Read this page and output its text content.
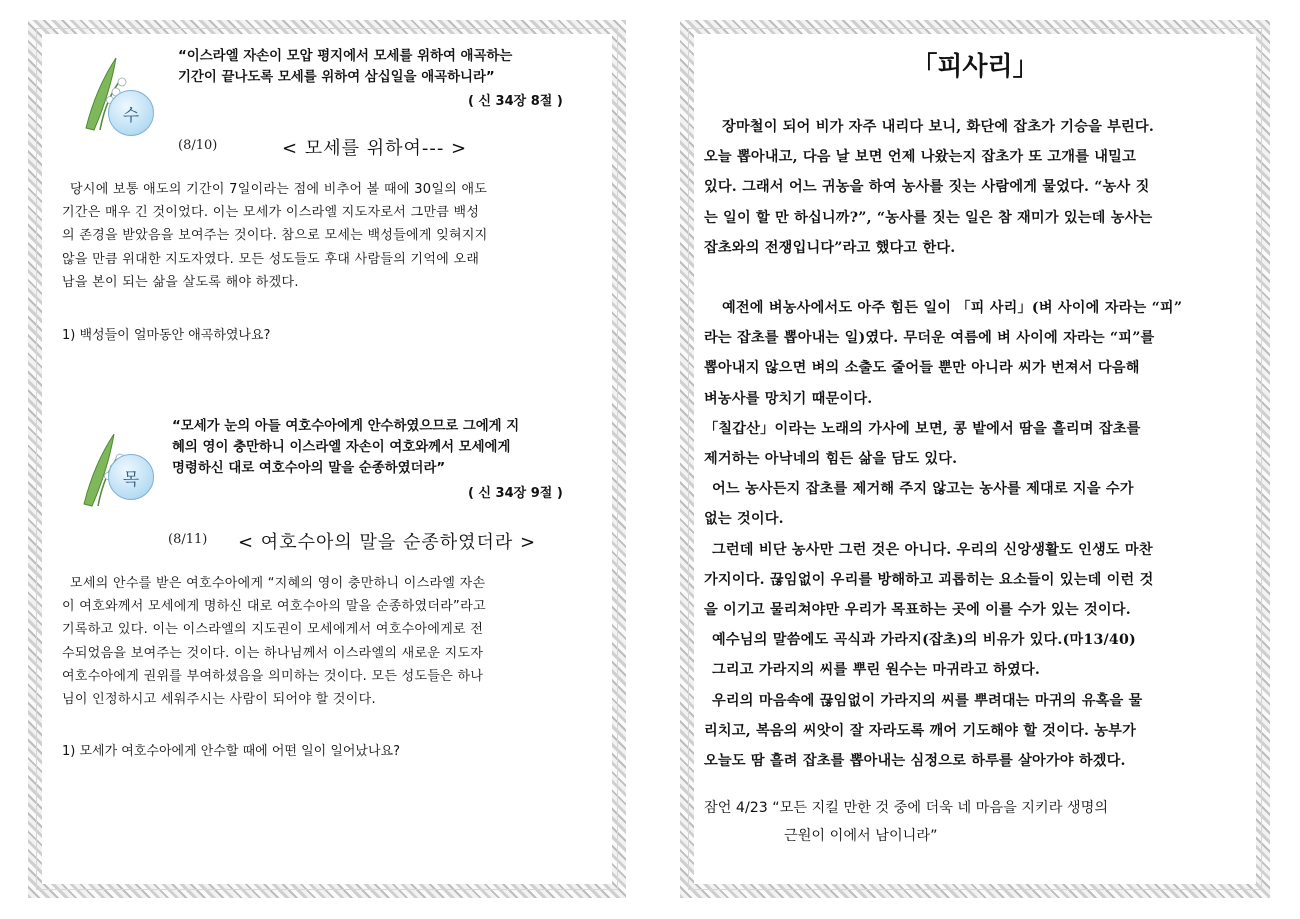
수
“이스라엘 자손이 모압 평지에서 모세를 위하여 애곡하는
기간이 끝나도록 모세를 위하여 삼십일을 애곡하니라”
( 신 34장 8절 )
(8/10)	< 모세를 위하여--- >
당시에 보통 애도의 기간이 7일이라는 점에 비추어 볼 때에 30일의 애도
기간은 매우 긴 것이었다. 이는 모세가 이스라엘 지도자로서 그만큼 백성
의 존경을 받았음을 보여주는 것이다. 참으로 모세는 백성들에게 잊혀지지
않을 만큼 위대한 지도자였다. 모든 성도들도 후대 사람들의 기억에 오래
남을 본이 되는 삶을 살도록 해야 하겠다.
1) 백성들이 얼마동안 애곡하였나요?
목
“모세가 눈의 아들 여호수아에게 안수하였으므로 그에게 지
혜의 영이 충만하니 이스라엘 자손이 여호와께서 모세에게
명령하신 대로 여호수아의 말을 순종하였더라”
( 신 34장 9절 )
(8/11) < 여호수아의 말을 순종하였더라 >
모세의 안수를 받은 여호수아에게 “지혜의 영이 충만하니 이스라엘 자손
이 여호와께서 모세에게 명하신 대로 여호수아의 말을 순종하였더라”라고
기록하고 있다. 이는 이스라엘의 지도권이 모세에게서 여호수아에게로 전
수되었음을 보여주는 것이다. 이는 하나님께서 이스라엘의 새로운 지도자
여호수아에게 권위를 부여하셨음을 의미하는 것이다. 모든 성도들은 하나
님이 인정하시고 세워주시는 사람이 되어야 할 것이다.
1) 모세가 여호수아에게 안수할 때에 어떤 일이 일어났나요?
「피사리」

장마철이 되어 비가 자주 내리다 보니, 화단에 잡초가 기승을 부린다.

오늘 뽑아내고, 다음 날 보면 언제 나왔는지 잡초가 또 고개를 내밀고

있다. 그래서 어느 귀농을 하여 농사를 짓는 사람에게 물었다. “농사 짓

는 일이 할 만 하십니까?”, “농사를 짓는 일은 참 재미가 있는데 농사는

잡초와의 전쟁입니다”라고 했다고 한다.

예전에 벼농사에서도 아주 힘든 일이 「피 사리」(벼 사이에 자라는 “피”

라는 잡초를 뽑아내는 일)였다. 무더운 여름에 벼 사이에 자라는 “피”를

뽑아내지 않으면 벼의 소출도 줄어들 뿐만 아니라 씨가 번져서 다음해

벼농사를 망치기 때문이다.

「칠갑산」이라는 노래의 가사에 보면, 콩 밭에서 땀을 흘리며 잡초를

제거하는 아낙네의 힘든 삶을 담도 있다.

어느 농사든지 잡초를 제거해 주지 않고는 농사를 제대로 지을 수가

없는 것이다.

그런데 비단 농사만 그런 것은 아니다. 우리의 신앙생활도 인생도 마찬

가지이다. 끊임없이 우리를 방해하고 괴롭히는 요소들이 있는데 이런 것

을 이기고 물리쳐야만 우리가 목표하는 곳에 이를 수가 있는 것이다.

예수님의 말씀에도 곡식과 가라지(잡초)의 비유가 있다.(마13/40)

그리고 가라지의 씨를 뿌린 원수는 마귀라고 하였다.

우리의 마음속에 끊임없이 가라지의 씨를 뿌려대는 마귀의 유혹을 물

리치고, 복음의 씨앗이 잘 자라도록 깨어 기도해야 할 것이다. 농부가

오늘도 땀 흘려 잡초를 뽑아내는 심정으로 하루를 살아가야 하겠다.

잠언 4/23 “모든 지킬 만한 것 중에 더욱 네 마음을 지키라 생명의
근원이 이에서 남이니라”
